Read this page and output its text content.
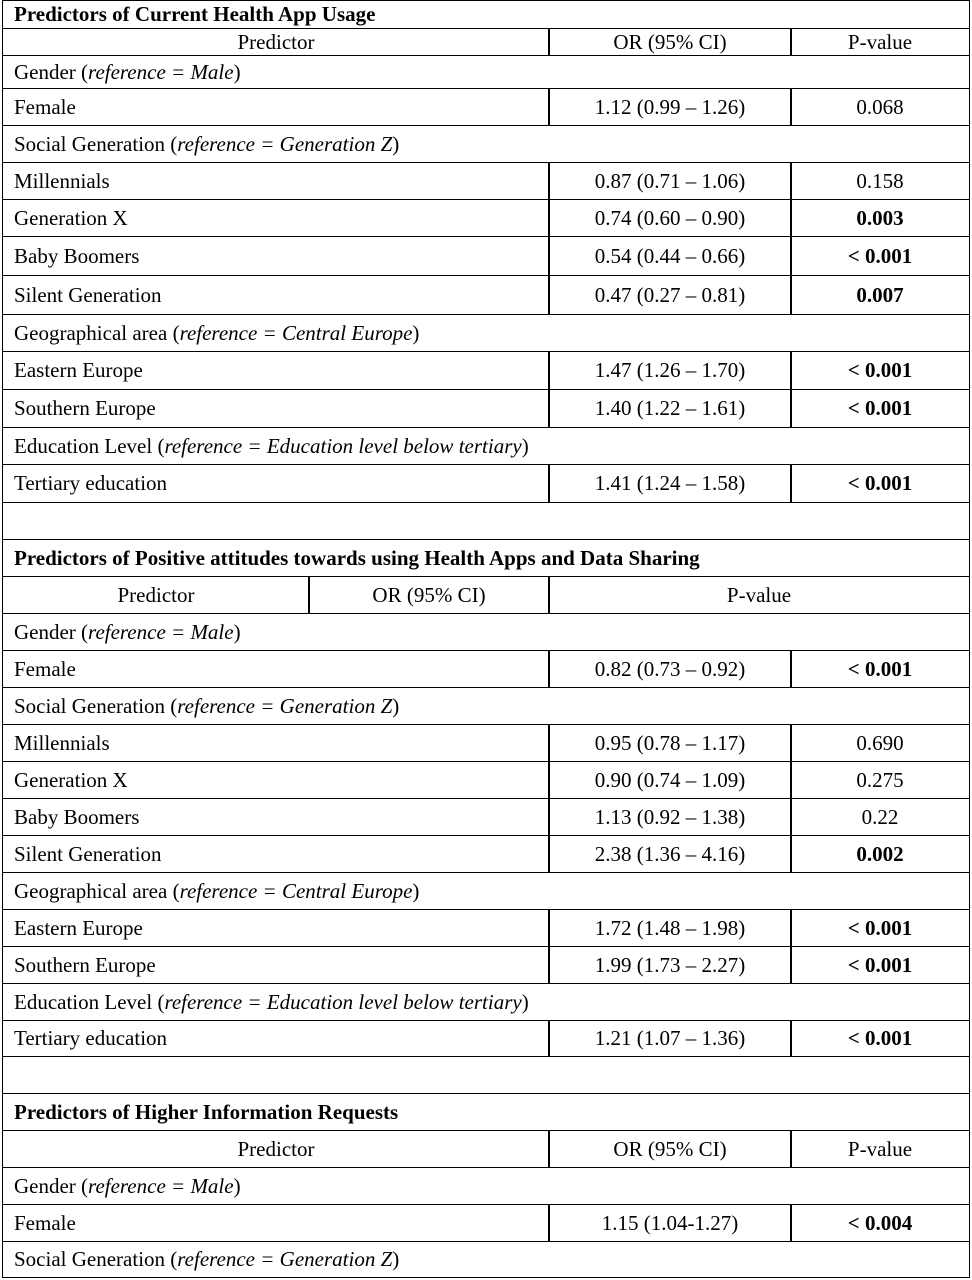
Predictors of Current Health App Usage
Predictor	OR (95% CI)	P-value
Gender ( reference = Male )
Female	1.12 (0.99 – 1.26)	0.068
Social Generation ( reference = Generation Z )
Millennials	0.87 (0.71 – 1.06)	0.158
Generation X	0.74 (0.60 – 0.90)	0.003
Baby Boomers	0.54 (0.44 – 0.66)	< 0.001
Silent Generation	0.47 (0.27 – 0.81)	0.007
Geographical area ( reference = Central Europe )
Eastern Europe	1.47 (1.26 – 1.70)	< 0.001
Southern Europe	1.40 (1.22 – 1.61)	< 0.001
Education Level ( reference = Education level below tertiary )
Tertiary education	1.41 (1.24 – 1.58)	< 0.001
Predictors of Positive attitudes towards using Health Apps and Data Sharing
Predictor	OR (95% CI)	P-value
Gender ( reference = Male )
Female	0.82 (0.73 – 0.92)	< 0.001
Social Generation ( reference = Generation Z )
Millennials	0.95 (0.78 – 1.17)	0.690
Generation X	0.90 (0.74 – 1.09)	0.275
Baby Boomers	1.13 (0.92 – 1.38)	0.22
Silent Generation	2.38 (1.36 – 4.16)	0.002
Geographical area ( reference = Central Europe )
Eastern Europe	1.72 (1.48 – 1.98)	< 0.001
Southern Europe	1.99 (1.73 – 2.27)	< 0.001
Education Level ( reference = Education level below tertiary )
Tertiary education	1.21 (1.07 – 1.36)	< 0.001
Predictors of Higher Information Requests
Predictor	OR (95% CI)	P-value
Gender ( reference = Male )
Female	1.15 (1.04-1.27)	< 0.004
Social Generation ( reference = Generation Z )
